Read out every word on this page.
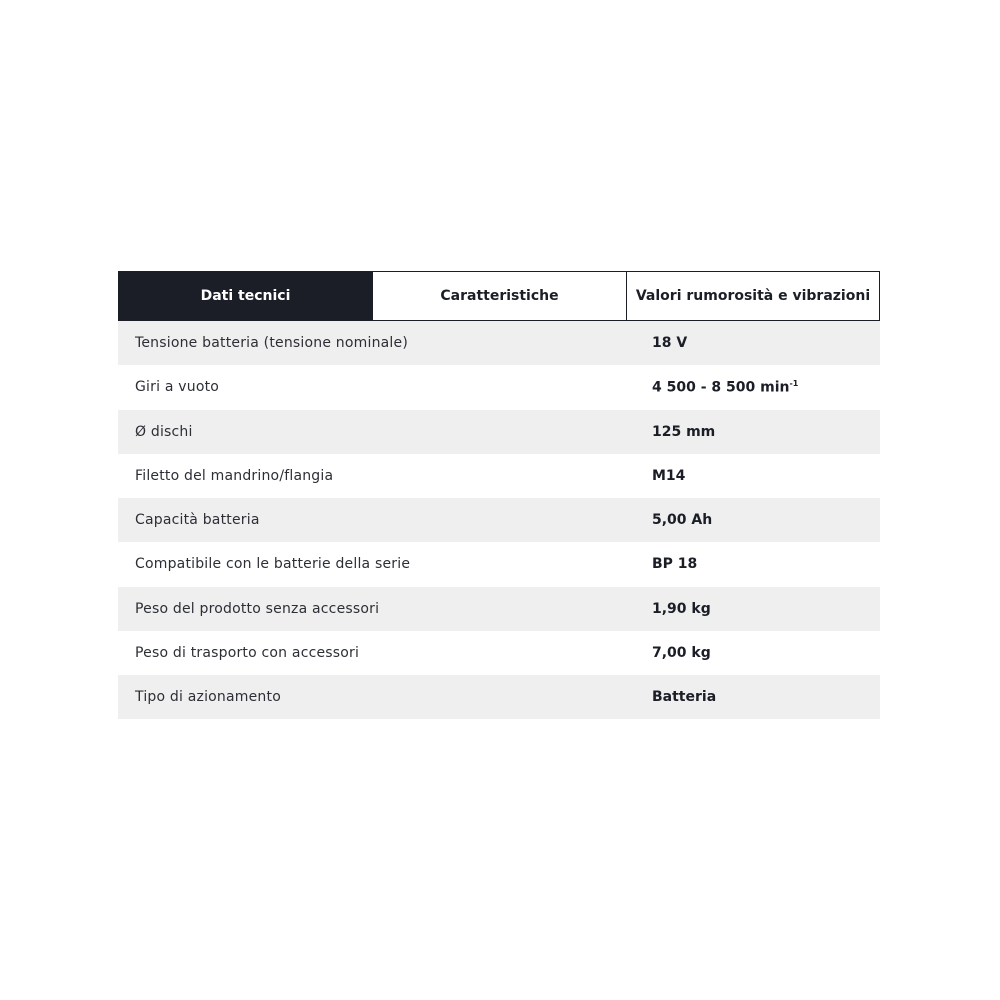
Dati tecnici	Caratteristiche	Valori rumorosità e vibrazioni
Tensione batteria (tensione nominale)	18 V
Giri a vuoto	4 500 - 8 500 $\min^{-1}$
Ø dischi	125 mm
Filetto del mandrino/flangia	M14
Capacità batteria	5,00 Ah
Compatibile con le batterie della serie	BP 18
Peso del prodotto senza accessori	1,90 kg
Peso di trasporto con accessori	7,00 kg
Tipo di azionamento	Batteria
